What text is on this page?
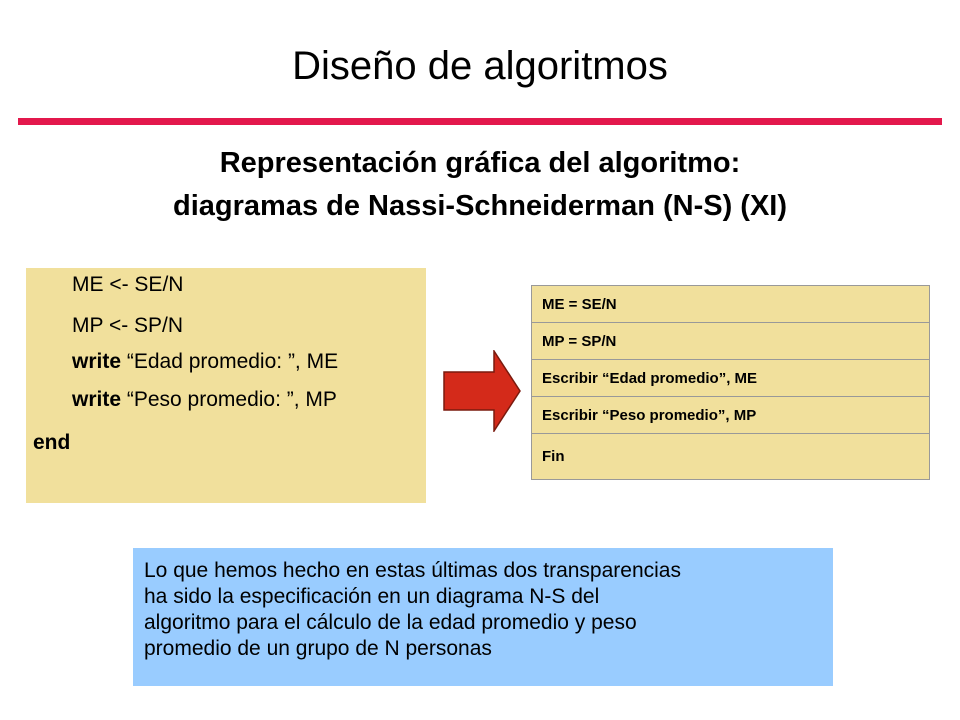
Diseño de algoritmos
Representación gráfica del algoritmo:
diagramas de Nassi-Schneiderman (N-S) (XI)
ME <- SE/N
MP <- SP/N
write “Edad promedio: ”, ME
write “Peso promedio: ”, MP
end
ME = SE/N
MP = SP/N
Escribir “Edad promedio”, ME
Escribir “Peso promedio”, MP
Fin
Lo que hemos hecho en estas últimas dos transparencias
ha sido la especificación en un diagrama N-S del
algoritmo para el cálculo de la edad promedio y peso
promedio de un grupo de N personas
